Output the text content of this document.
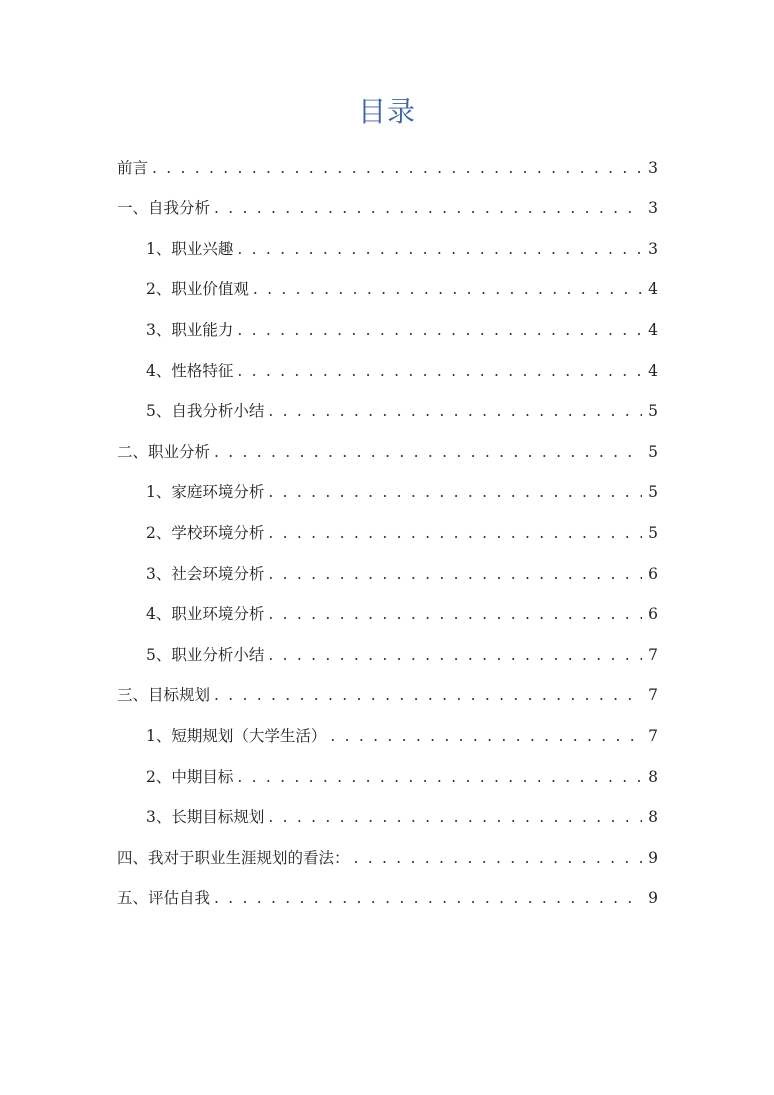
目录
前言 . . .	3
一、自我分析 . . .	3
1、职业兴趣 . . .	3
2、职业价值观 . . .	4
3、职业能力 . . .	4
4、性格特征 . . .	4
5、自我分析小结 . . .	5
二、职业分析 . . .	5
1、家庭环境分析 . . .	5
2、学校环境分析 . . .	5
3、社会环境分析 . . .	6
4、职业环境分析 . . .	6
5、职业分析小结 . . .	7
三、目标规划 . . .	7
1、短期规划（大学生活） . . .	7
2、中期目标 . . .	8
3、长期目标规划 . . .	8
四、我对于职业生涯规划的看法： . . .	9
五、评估自我 . . .	9
